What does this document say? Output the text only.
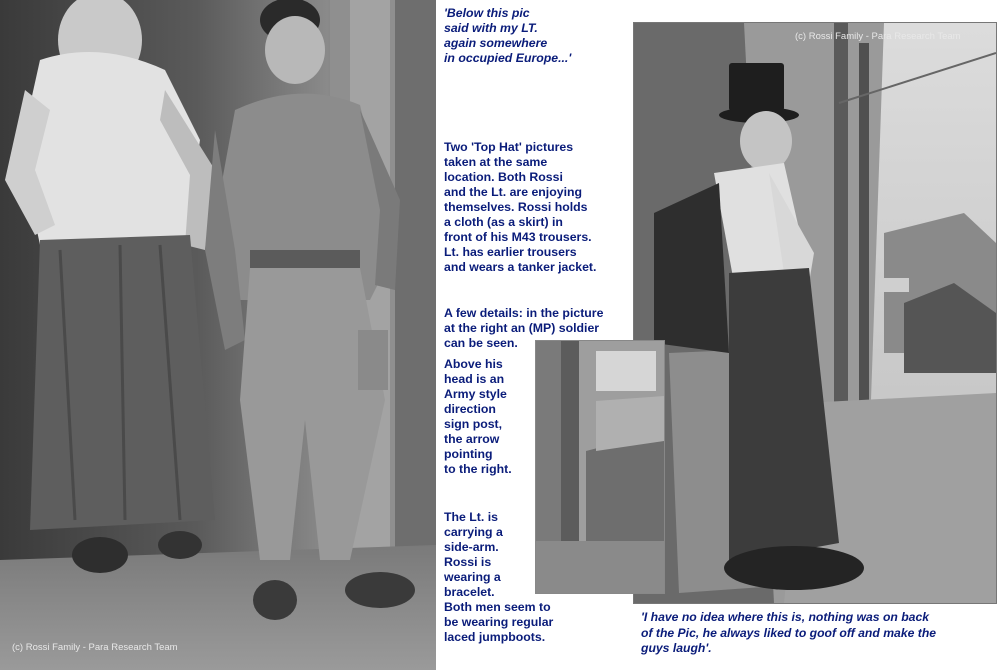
(c) Rossi Family - Para Research Team
(c) Rossi Family - Para Research Team
'Below this pic
said with my LT.
again somewhere
in occupied Europe...'
Two 'Top Hat' pictures
taken at the same
location. Both Rossi
and the Lt. are enjoying
themselves. Rossi holds
a cloth (as a skirt) in
front of his M43 trousers.
Lt. has earlier trousers
and wears a tanker jacket.
A few details: in the picture
at the right an (MP) soldier
can be seen.
Above his
head is an
Army style
direction
sign post,
the arrow
pointing
to the right.
The Lt. is
carrying a
side-arm.
Rossi is
wearing a
bracelet.
Both men seem to
be wearing regular
laced jumpboots.
'I have no idea where this is, nothing was on back
of the Pic, he always liked to goof off and make the
guys laugh'.
